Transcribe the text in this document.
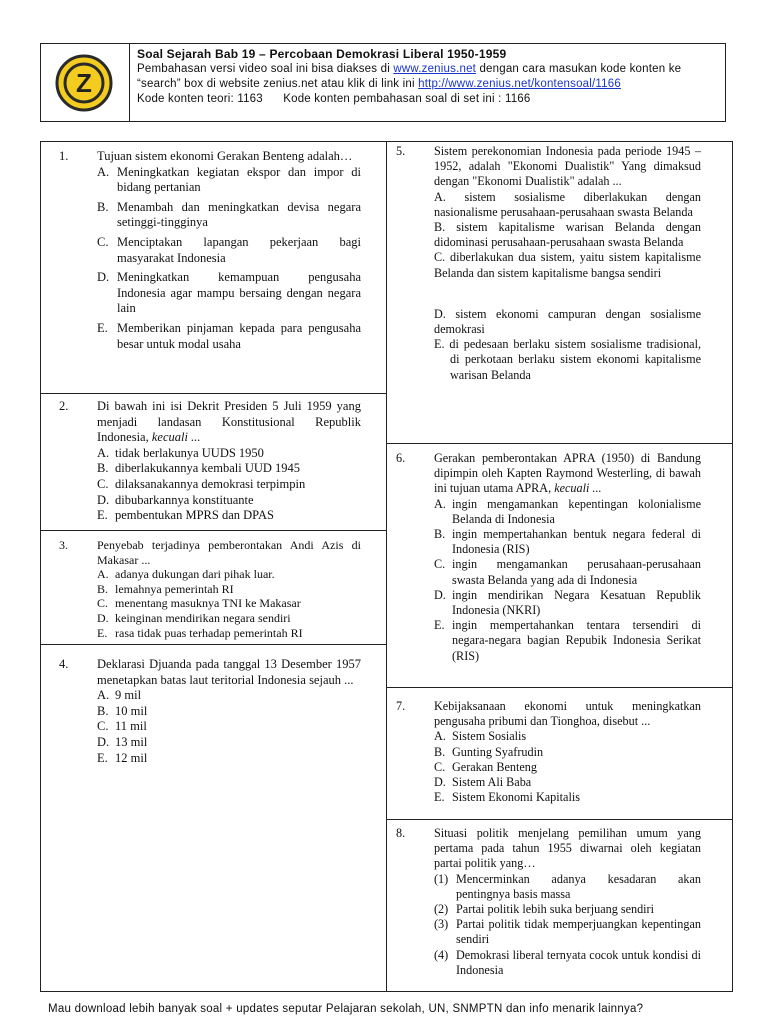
Z
Soal Sejarah Bab 19 – Percobaan Demokrasi Liberal 1950-1959
Pembahasan versi video soal ini bisa diakses di www.zenius.net dengan cara masukan kode konten ke
“search” box di website zenius.net atau klik di link ini http://www.zenius.net/kontensoal/1166
Kode konten teori: 1163      Kode konten pembahasan soal di set ini : 1166
1.	Tujuan sistem ekonomi Gerakan Benteng adalah…
A. Meningkatkan kegiatan ekspor dan impor di bidang pertanian
B. Menambah dan meningkatkan devisa negara setinggi-tingginya
C. Menciptakan lapangan pekerjaan bagi masyarakat Indonesia
D. Meningkatkan kemampuan pengusaha Indonesia agar mampu bersaing dengan negara lain
E. Memberikan pinjaman kepada para pengusaha besar untuk modal usaha
2.	Di bawah ini isi Dekrit Presiden 5 Juli 1959 yang menjadi landasan Konstitusional Republik Indonesia, kecuali ...
A. tidak berlakunya UUDS 1950
B. diberlakukannya kembali UUD 1945
C. dilaksanakannya demokrasi terpimpin
D. dibubarkannya konstituante
E. pembentukan MPRS dan DPAS
3.	Penyebab terjadinya pemberontakan Andi Azis di Makasar ...
A. adanya dukungan dari pihak luar.
B. lemahnya pemerintah RI
C. menentang masuknya TNI ke Makasar
D. keinginan mendirikan negara sendiri
E. rasa tidak puas terhadap pemerintah RI
4.	Deklarasi Djuanda pada tanggal 13 Desember 1957 menetapkan batas laut teritorial Indonesia sejauh ...
A. 9 mil
B. 10 mil
C. 11 mil
D. 13 mil
E. 12 mil
5.	Sistem perekonomian Indonesia pada periode 1945 – 1952, adalah "Ekonomi Dualistik" Yang dimaksud dengan "Ekonomi Dualistik" adalah ...
A. sistem sosialisme diberlakukan dengan nasionalisme perusahaan-perusahaan swasta Belanda
B. sistem kapitalisme warisan Belanda dengan didominasi perusahaan-perusahaan swasta Belanda
C. diberlakukan dua sistem, yaitu sistem kapitalisme Belanda dan sistem kapitalisme bangsa sendiri
D. sistem ekonomi campuran dengan sosialisme demokrasi
E. di pedesaan berlaku sistem sosialisme tradisional, di perkotaan berlaku sistem ekonomi kapitalisme warisan Belanda
6.	Gerakan pemberontakan APRA (1950) di Bandung dipimpin oleh Kapten Raymond Westerling, di bawah ini tujuan utama APRA, kecuali ...
A. ingin mengamankan kepentingan kolonialisme Belanda di Indonesia
B. ingin mempertahankan bentuk negara federal di Indonesia (RIS)
C. ingin mengamankan perusahaan-perusahaan swasta Belanda yang ada di Indonesia
D. ingin mendirikan Negara Kesatuan Republik Indonesia (NKRI)
E. ingin mempertahankan tentara tersendiri di negara-negara bagian Repubik Indonesia Serikat (RIS)
7.	Kebijaksanaan ekonomi untuk meningkatkan pengusaha pribumi dan Tionghoa, disebut ...
A. Sistem Sosialis
B. Gunting Syafrudin
C. Gerakan Benteng
D. Sistem Ali Baba
E. Sistem Ekonomi Kapitalis
8.	Situasi politik menjelang pemilihan umum yang pertama pada tahun 1955 diwarnai oleh kegiatan partai politik yang…
(1) Mencerminkan adanya kesadaran akan pentingnya basis massa
(2) Partai politik lebih suka berjuang sendiri
(3) Partai politik tidak memperjuangkan kepentingan sendiri
(4) Demokrasi liberal ternyata cocok untuk kondisi di Indonesia
Mau download lebih banyak soal + updates seputar Pelajaran sekolah, UN, SNMPTN dan info menarik lainnya?
